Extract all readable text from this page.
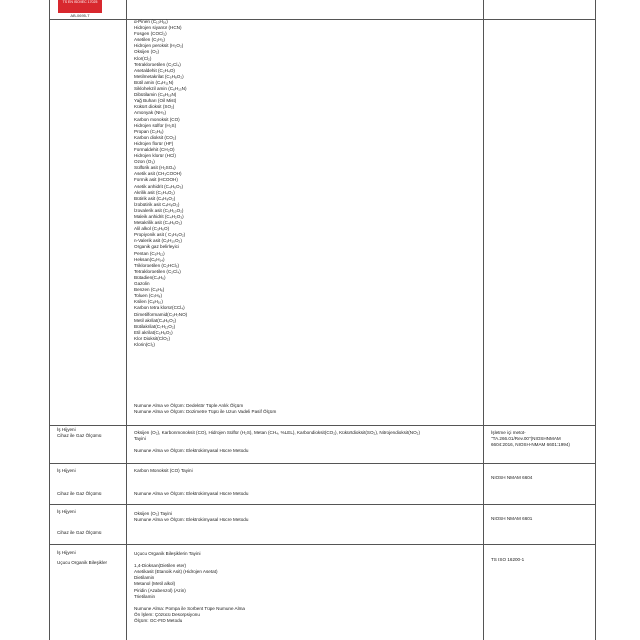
TS EN ISO/IEC 17025
AB-0695-T
α-Pinen (C₁₀H₁₆)
Hidrojen siyanür (HCN)
Fosgen (COCl₂)
Asetilen (C₂H₂)
Hidrojen peroksit (H₂O₂)
Oksijen (O₂)
Klor(Cl₂)
Tetrakloroetilen (C₂Cl₄)
Asetaldehit (C₂H₄O)
Metilmetakrilat (C₅H₈O₂)
Bütil amin (C₄H₁₁N)
Siklohekzil amin (C₆H₁₃N)
Dibütilamin (C₈H₁₉N)
Yağ Buharı (Oil Mist)
Kükürt dioksit (SO₂)
Amonyak (NH₃)
Karbon monoksit (CO)
Hidrojen sülfür (H₂S)
Propan (C₃H₈)
Karbon dioksit (CO₂)
Hidrojen florür (HF)
Formaldehit (CH₂O)
Hidrojen klorür (HCl)
Ozon (O₃)
Sülfürik asit (H₂SO₄)
Asetik asit (CH₃COOH)
Formik asit (HCOOH)
Asetik anhidrit (C₄H₆O₃)
Akrilik asit (C₃H₄O₂)
Bütirik asit (C₄H₈O₂)
İzobütirik asit C₄H₈O₂)
İzovalerik asit (C₅H₁₀O₂)
Maleik anhidrit (C₄H₂O₃)
Metakrilik asit (C₄H₆O₂)
Alil alkol (C₃H₆O)
Propiyonik asit ( C₃H₆O₂)
n-Valerik asit (C₅H₁₀O₂)
Organik gaz belirleyici
Pentan (C₅H₁₂)
Heksan(C₆H₁₄)
Trikloroetilen (C₂HCl₃)
Tetrakloroetilen (C₂Cl₄)
Bütadien(C₄H₆)
Gazolin
Benzen (C₆H₆)
Toluen (C₇H₈)
Ksilen (C₈H₁₀)
Karbon tetra klorür(CCl₄)
Dimetilformamid(C₃H₇NO)
Metil akrilat(C₄H₆O₂)
Bütilakrilat(C₇H₁₂O₂)
Etil akrilat(C₅H₈O₂)
Klor Dioksit(ClO₂)
Klorin(Cl₂)
Numune Alma ve Ölçüm: Dedektör Tüple Anlık Ölçüm
Numune Alma ve Ölçüm: Dozimetre Tüpü ile Uzun Vadeli Pasif Ölçüm
İş Hijyeni
Cihaz ile Gaz Ölçümü
Oksijen (O₂), Karbonmonoksit (CO), Hidrojen Sülfür (H₂S), Metan (CH₄, %LEL), Karbondioksit(CO₂), Kükürtdioksit(SO₂), Nitrojendioksit(NO₂)
Tayini
Numune Alma ve Ölçüm: Elektrokimyasal Hücre Metodu
İşletme içi metot-
"TA.266.01/Rev.00"(NIOSHNMAM
6604:2016, NIOSH-NMAM 6601:1994)
İş Hijyeni
Cihaz ile Gaz Ölçümü
Karbon Monoksit (CO) Tayini
Numune Alma ve Ölçüm: Elektrokimyasal Hücre Metodu
NIOSH NMAM 6604
İş Hijyeni
Cihaz ile Gaz Ölçümü
Oksijen (O₂) Tayini
Numune Alma ve Ölçüm: Elektrokimyasal Hücre Metodu	NIOSH NMAM 6601
İş Hijyeni
Uçucu Organik Bileşikler
Uçucu Organik Bileşiklerin Tayini
1,4-Dioksan(Dietilen eter)
Asetikasit (Etanoik Asit) (Hidrojen Asetat)
Dietilamin
Metanol (Metil alkol)
Piridin (Azabenzol) (Azin)
Trietilamin
Numune Alma: Pompa ile Sorbent Tüpe Numune Alma
Ön İşlem: Çözücü Desorpsiyonu
Ölçüm: GC-FID Metodu
TS ISO 16200-1
